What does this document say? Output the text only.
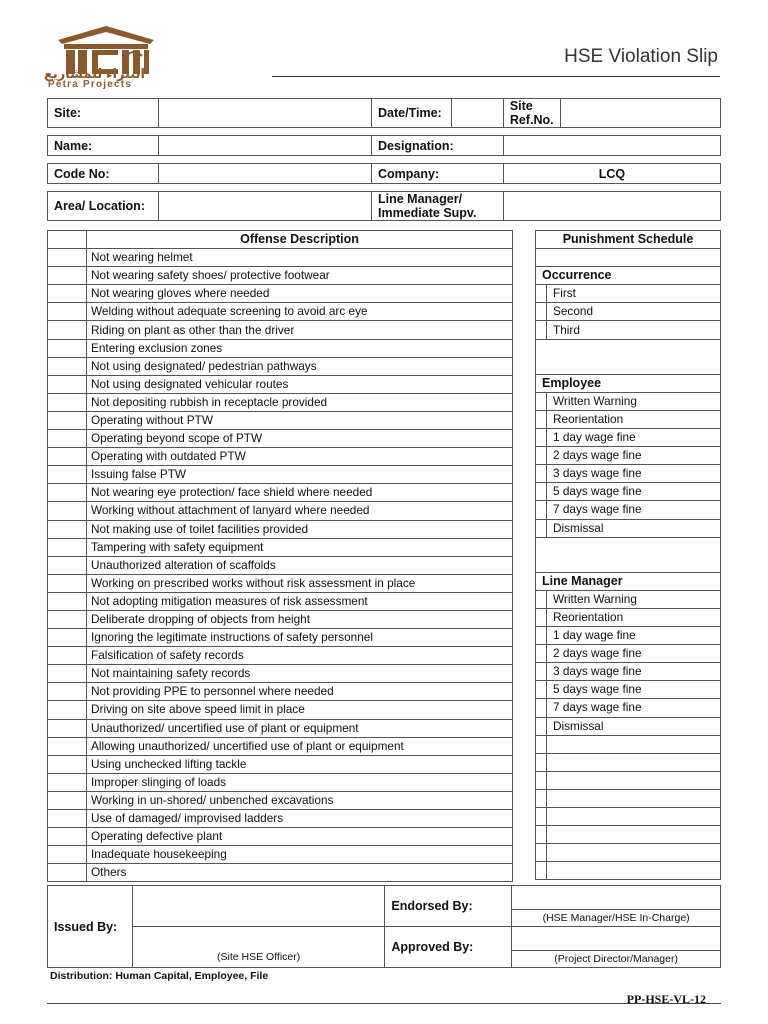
البتراء للمشاريع
Petra Projects
HSE Violation Slip
Site:		Date/Time:		Site Ref.No.	

Name:		Designation:			

Code No:		Company:		LCQ	

Area/ Location:		Line Manager/ Immediate Supv.			
	Offense Description
	Not wearing helmet
	Not wearing safety shoes/ protective footwear
	Not wearing gloves where needed
	Welding without adequate screening to avoid arc eye
	Riding on plant as other than the driver
	Entering exclusion zones
	Not using designated/ pedestrian pathways
	Not using designated vehicular routes
	Not depositing rubbish in receptacle provided
	Operating without PTW
	Operating beyond scope of PTW
	Operating with outdated PTW
	Issuing false PTW
	Not wearing eye protection/ face shield where needed
	Working without attachment of lanyard where needed
	Not making use of toilet facilities provided
	Tampering with safety equipment
	Unauthorized alteration of scaffolds
	Working on prescribed works without risk assessment in place
	Not adopting mitigation measures of risk assessment
	Deliberate dropping of objects from height
	Ignoring the legitimate instructions of safety personnel
	Falsification of safety records
	Not maintaining safety records
	Not providing PPE to personnel where needed
	Driving on site above speed limit in place
	Unauthorized/ uncertified use of plant or equipment
	Allowing unauthorized/ uncertified use of plant or equipment
	Using unchecked lifting tackle
	Improper slinging of loads
	Working in un-shored/ unbenched excavations
	Use of damaged/ improvised ladders
	Operating defective plant
	Inadequate housekeeping
	Others
Punishment Schedule	

Occurrence	
	First
	Second
	Third

Employee	
	Written Warning
	Reorientation
	1 day wage fine
	2 days wage fine
	3 days wage fine
	5 days wage fine
	7 days wage fine
	Dismissal

Line Manager	
	Written Warning
	Reorientation
	1 day wage fine
	2 days wage fine
	3 days wage fine
	5 days wage fine
	7 days wage fine
	Dismissal

Issued By:		Endorsed By:	
			(HSE Manager/HSE In-Charge)
	(Site HSE Officer)	Approved By:	
			(Project Director/Manager)
Distribution: Human Capital, Employee, File
PP-HSE-VL-12
